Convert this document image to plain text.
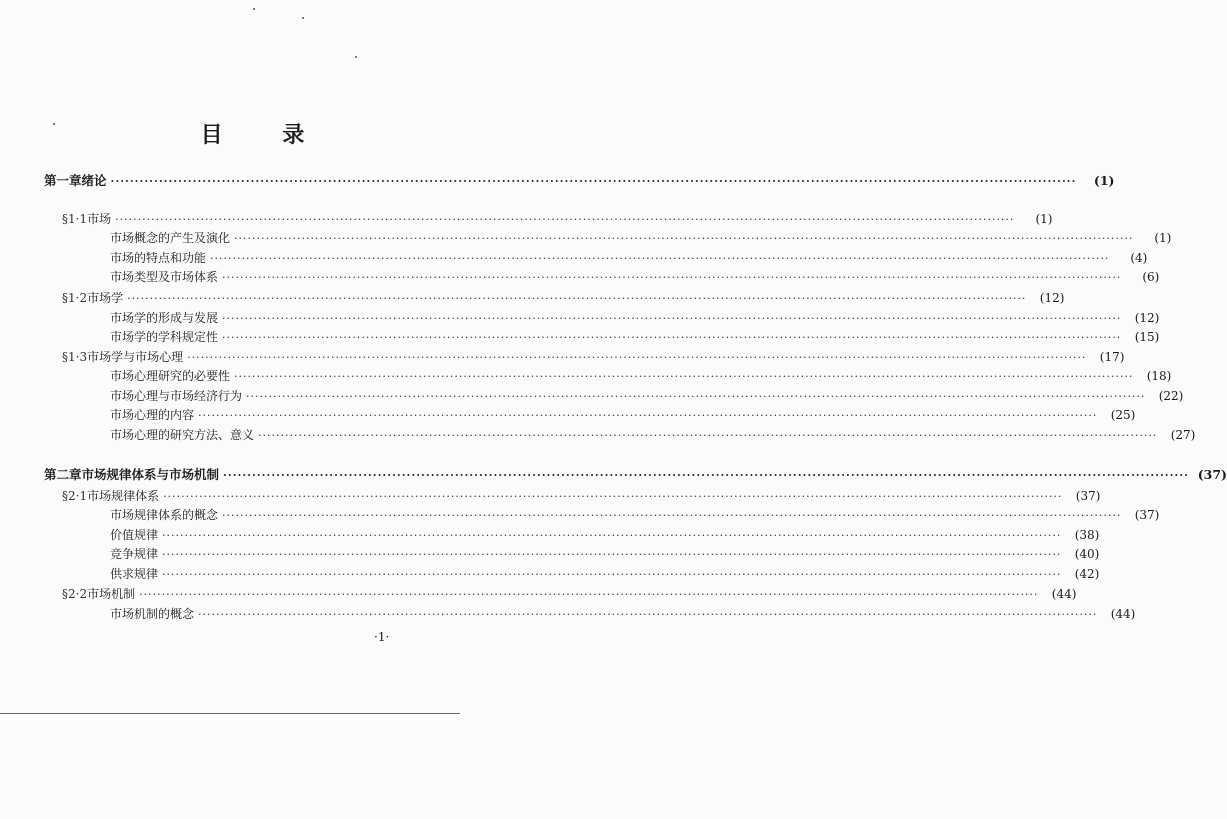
目 录
第一章 绪论 ········································································································································································································	(1)
§1·1 市场 ········································································································································································································	(1)
市场概念的产生及演化 ········································································································································································································	(1)
市场的特点和功能 ········································································································································································································	(4)
市场类型及市场体系 ········································································································································································································	(6)
§1·2 市场学 ········································································································································································································	(12)
市场学的形成与发展 ········································································································································································································	(12)
市场学的学科规定性 ········································································································································································································	(15)
§1·3 市场学与市场心理 ········································································································································································································	(17)
市场心理研究的必要性 ········································································································································································································	(18)
市场心理与市场经济行为 ········································································································································································································	(22)
市场心理的内容 ········································································································································································································	(25)
市场心理的研究方法、意义 ········································································································································································································	(27)
第二章 市场规律体系与市场机制 ········································································································································································································ (37)
§2·1 市场规律体系 ········································································································································································································	(37)
市场规律体系的概念 ········································································································································································································	(37)
价值规律 ········································································································································································································	(38)
竞争规律 ········································································································································································································	(40)
供求规律 ········································································································································································································	(42)
§2·2 市场机制 ········································································································································································································	(44)
市场机制的概念 ········································································································································································································	(44)
·1·
